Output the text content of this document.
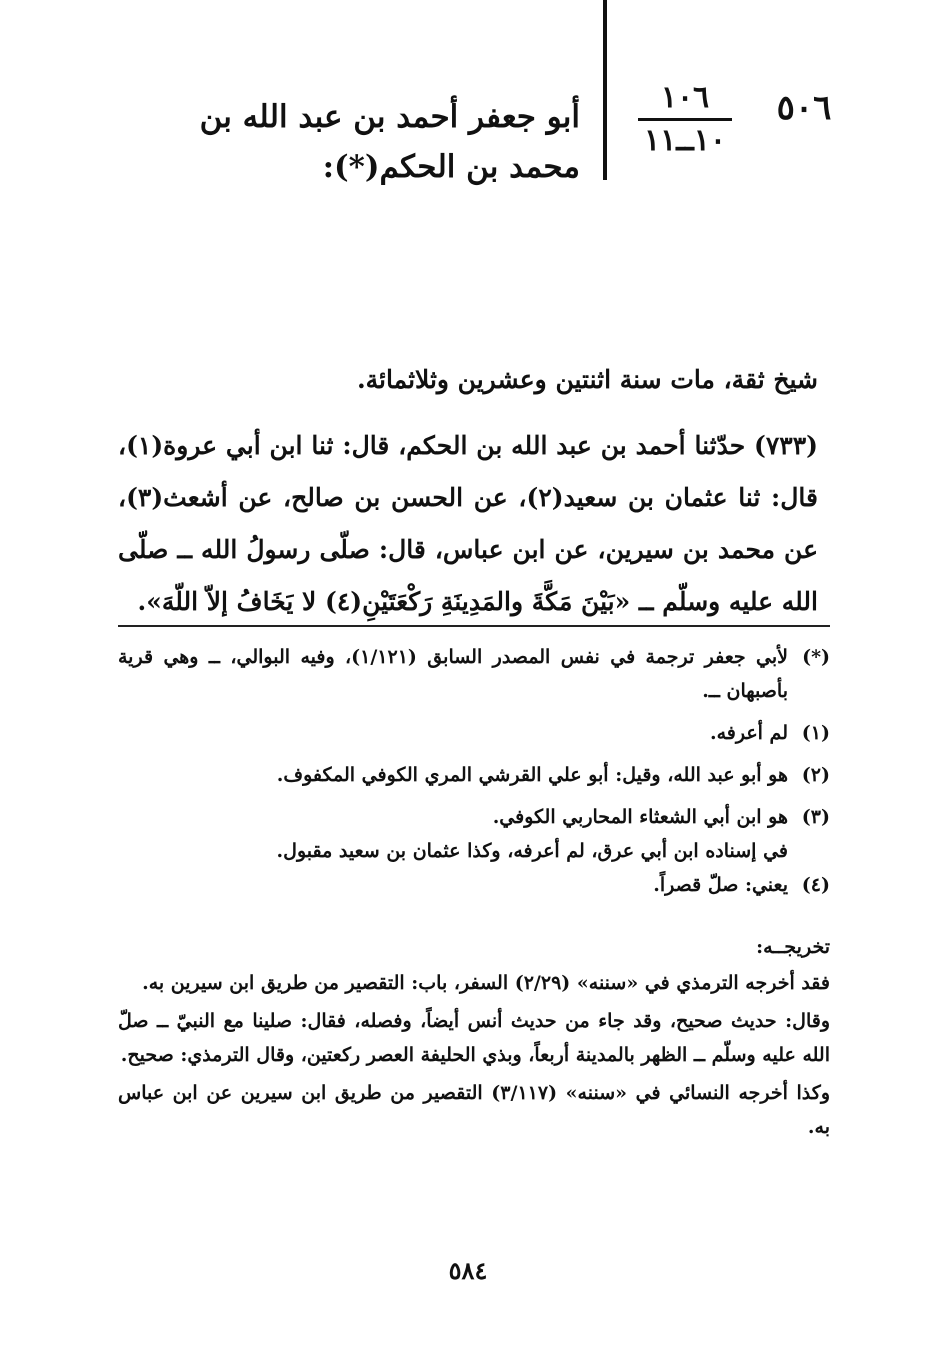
٥٠٦
١٠٦
١٠ــ١١
أبو جعفر أحمد بن عبد الله بن محمد بن الحكم(*):
شيخ ثقة، مات سنة اثنتين وعشرين وثلاثمائة.
(٧٣٣) حدّثنا أحمد بن عبد الله بن الحكم، قال: ثنا ابن أبي عروة(١)، قال: ثنا عثمان بن سعيد(٢)، عن الحسن بن صالح، عن أشعث(٣)، عن محمد بن سيرين، عن ابن عباس، قال: صلّى رسولُ الله ــ صلّى الله عليه وسلّم ــ «بَيْنَ مَكَّةَ والمَدِينَةِ رَكْعَتَيْنِ(٤) لا يَخَافُ إلاّ اللّهَ».
(*)
لأبي جعفر ترجمة في نفس المصدر السابق (١/١٢١)، وفيه البوالي، ــ وهي قرية بأصبهان ــ.
(١)
لم أعرفه.
(٢)
هو أبو عبد الله، وقيل: أبو علي القرشي المري الكوفي المكفوف.
(٣)
هو ابن أبي الشعثاء المحاربي الكوفي.
في إسناده ابن أبي عرق، لم أعرفه، وكذا عثمان بن سعيد مقبول.
(٤)
يعني: صلّ قصراً.
تخريجــه:
فقد أخرجه الترمذي في «سننه» (٢/٢٩) السفر، باب: التقصير من طريق ابن سيرين به.
وقال: حديث صحيح، وقد جاء من حديث أنس أيضاً، وفصله، فقال: صلينا مع النبيّ ــ صلّ الله عليه وسلّم ــ الظهر بالمدينة أربعاً، وبذي الحليفة العصر ركعتين، وقال الترمذي: صحيح.
وكذا أخرجه النسائي في «سننه» (٣/١١٧) التقصير من طريق ابن سيرين عن ابن عباس به.
٥٨٤
